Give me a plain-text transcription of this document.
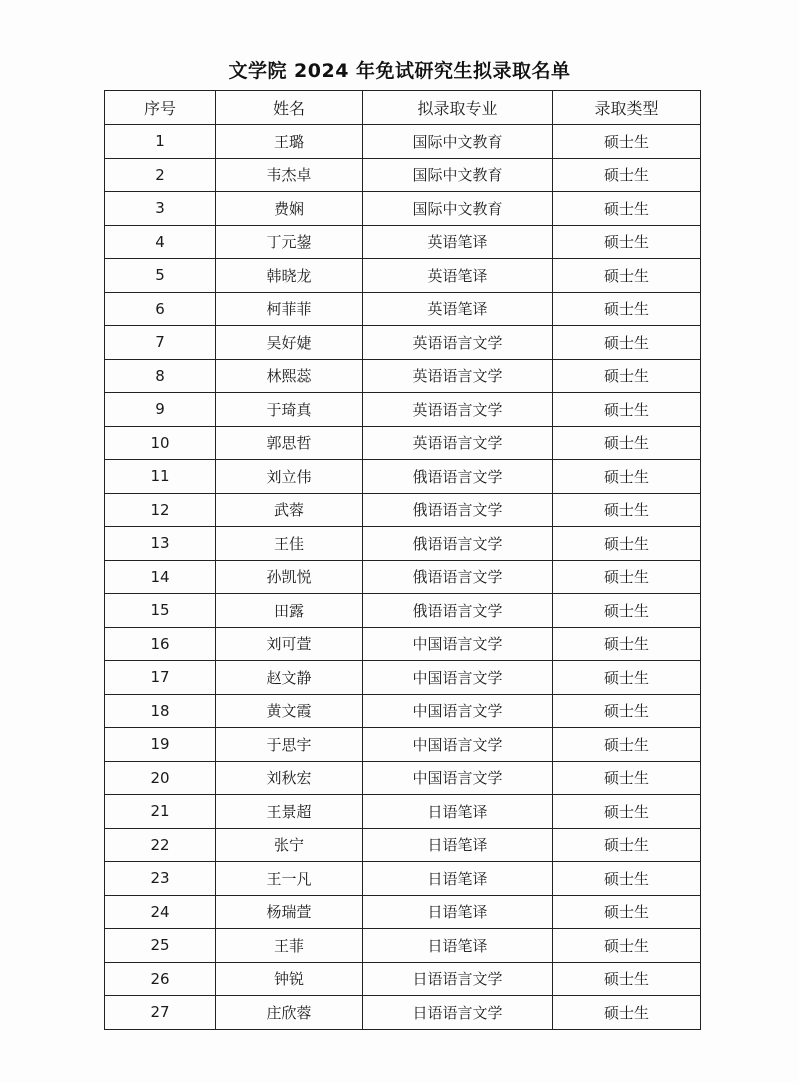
文学院 2024 年免试研究生拟录取名单
序号	姓名	拟录取专业	录取类型
1	王璐	国际中文教育	硕士生
2	韦杰卓	国际中文教育	硕士生
3	费娴	国际中文教育	硕士生
4	丁元鋆	英语笔译	硕士生
5	韩晓龙	英语笔译	硕士生
6	柯菲菲	英语笔译	硕士生
7	吴好婕	英语语言文学	硕士生
8	林熙蕊	英语语言文学	硕士生
9	于琦真	英语语言文学	硕士生
10	郭思哲	英语语言文学	硕士生
11	刘立伟	俄语语言文学	硕士生
12	武蓉	俄语语言文学	硕士生
13	王佳	俄语语言文学	硕士生
14	孙凯悦	俄语语言文学	硕士生
15	田露	俄语语言文学	硕士生
16	刘可萱	中国语言文学	硕士生
17	赵文静	中国语言文学	硕士生
18	黄文霞	中国语言文学	硕士生
19	于思宇	中国语言文学	硕士生
20	刘秋宏	中国语言文学	硕士生
21	王景超	日语笔译	硕士生
22	张宁	日语笔译	硕士生
23	王一凡	日语笔译	硕士生
24	杨瑞萱	日语笔译	硕士生
25	王菲	日语笔译	硕士生
26	钟锐	日语语言文学	硕士生
27	庄欣蓉	日语语言文学	硕士生
